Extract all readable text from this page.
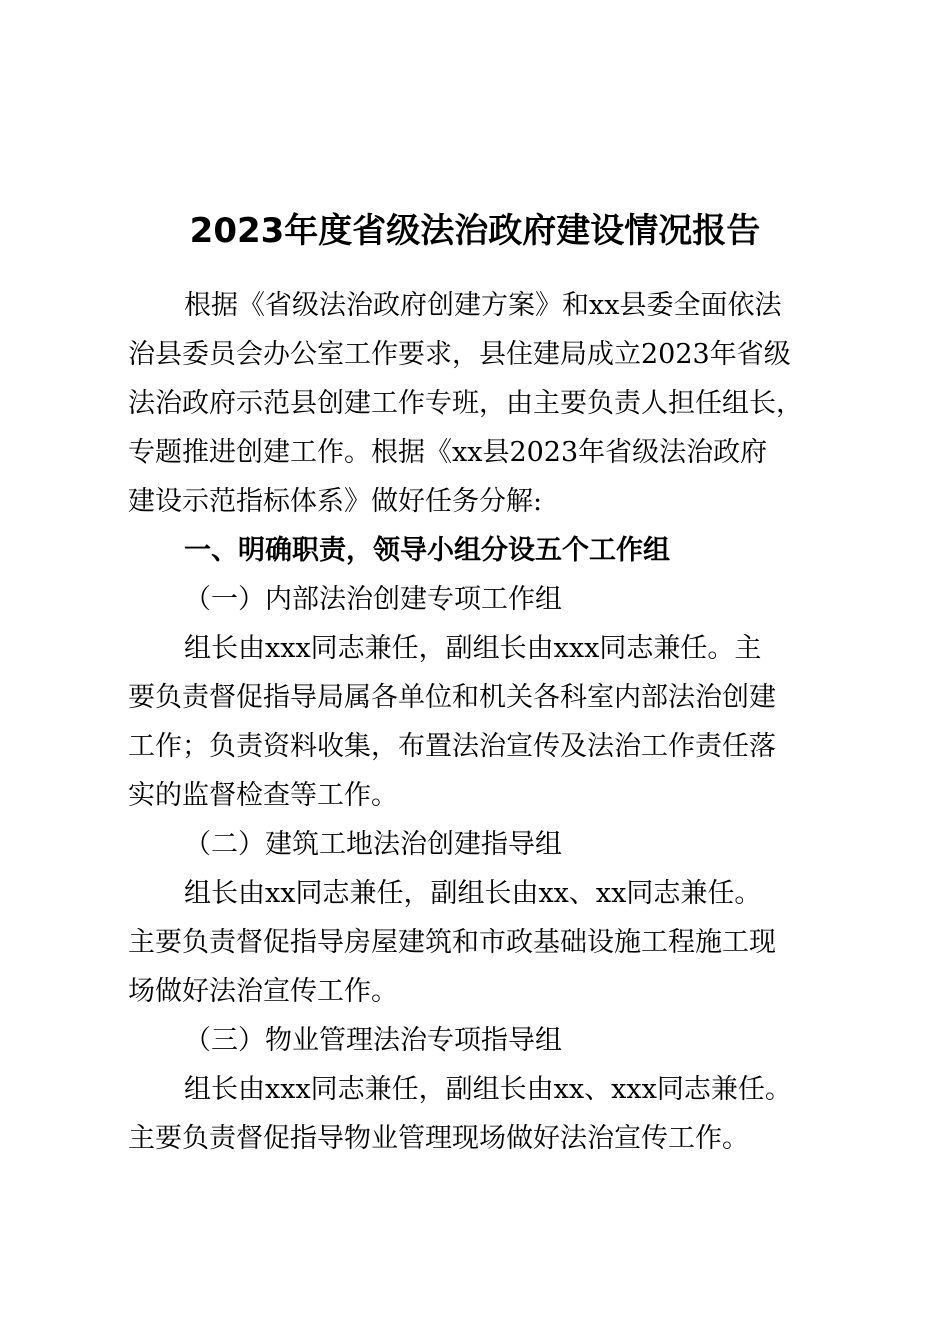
2023年度省级法治政府建设情况报告
根据《省级法治政府创建方案》和xx县委全面依法
治县委员会办公室工作要求，县住建局成立2023年省级
法治政府示范县创建工作专班，由主要负责人担任组长，
专题推进创建工作。根据《xx县2023年省级法治政府
建设示范指标体系》做好任务分解:
一、明确职责，领导小组分设五个工作组
（一）内部法治创建专项工作组
组长由xxx同志兼任，副组长由xxx同志兼任。主
要负责督促指导局属各单位和机关各科室内部法治创建
工作；负责资料收集，布置法治宣传及法治工作责任落
实的监督检查等工作。
（二）建筑工地法治创建指导组
组长由xx同志兼任，副组长由xx、xx同志兼任。
主要负责督促指导房屋建筑和市政基础设施工程施工现
场做好法治宣传工作。
（三）物业管理法治专项指导组
组长由xxx同志兼任，副组长由xx、xxx同志兼任。
主要负责督促指导物业管理现场做好法治宣传工作。
